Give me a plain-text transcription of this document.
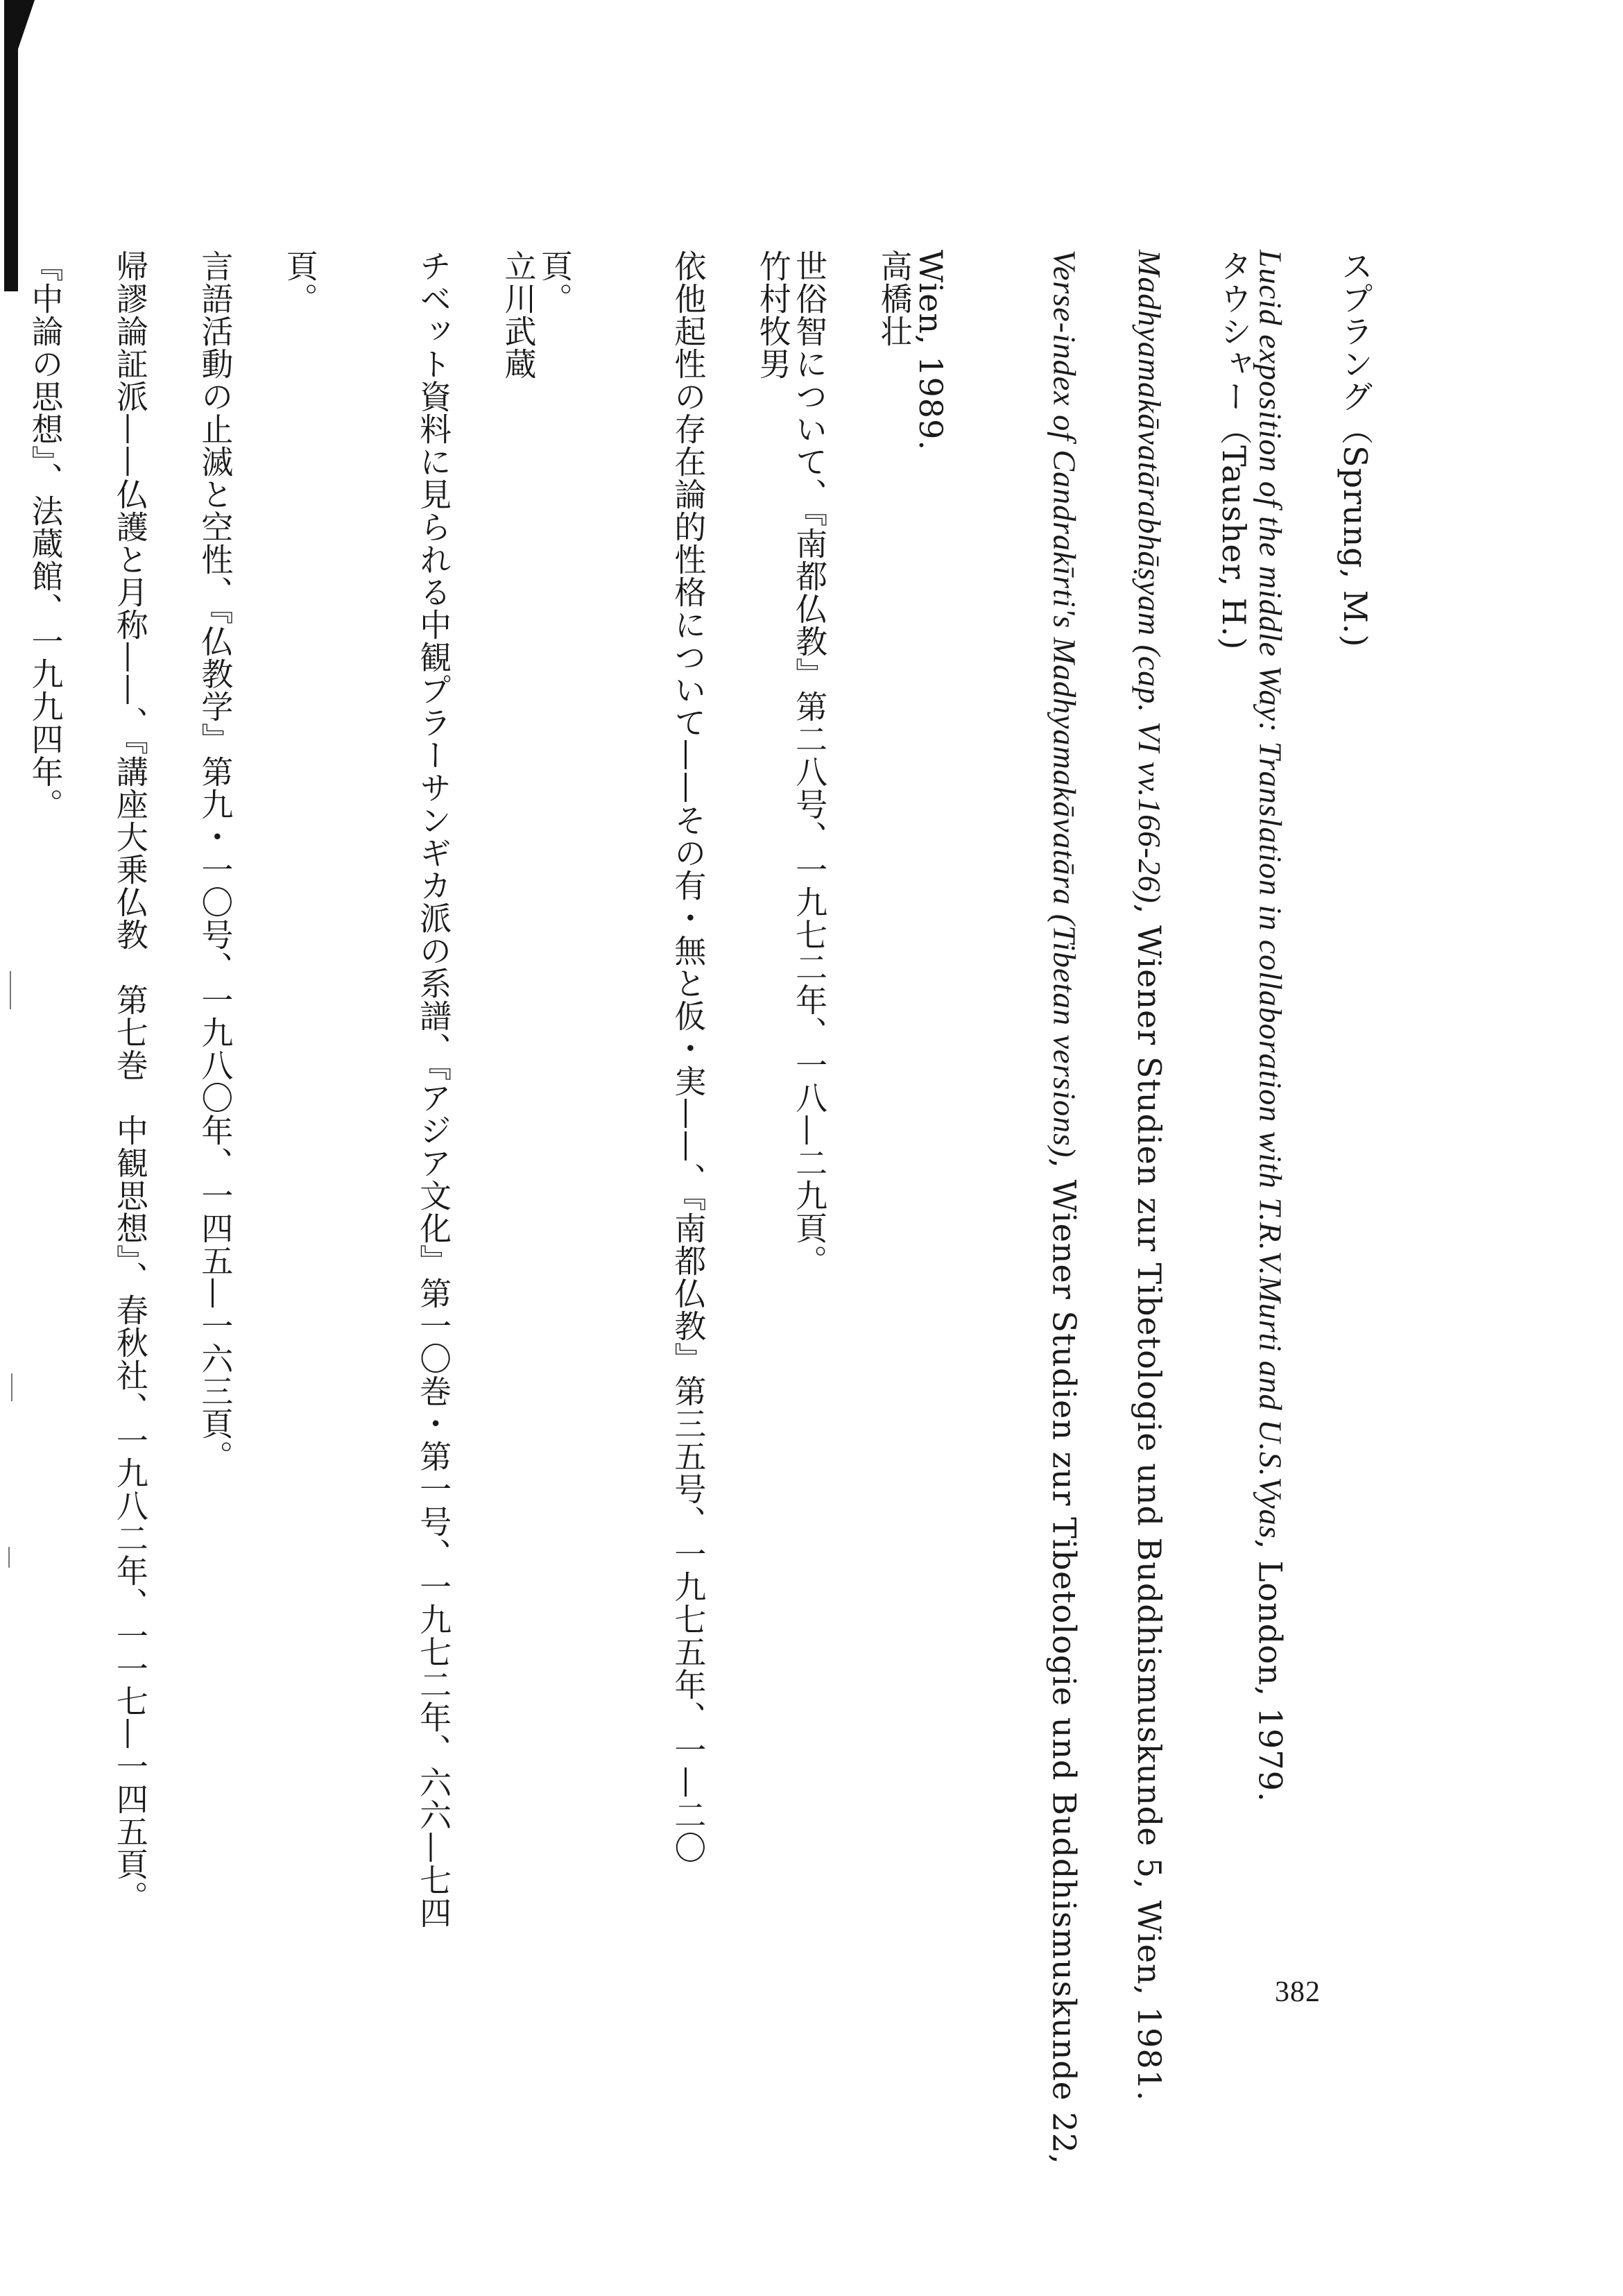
スプラング（Sprung, M.)
Lucid exposition of the middle Way: Translation in collaboration with T.R.V.Murti and U.S.Vyas, London, 1979.
タウシャー（Tausher, H.)
Madhyamakāvatārabhāṣyam (cap. VI vv.166-26), Wiener Studien zur Tibetologie und Buddhismuskunde 5, Wien, 1981.
Verse-index of Candrakīrti's Madhyamakāvatāra (Tibetan versions), Wiener Studien zur Tibetologie und Buddhismuskunde 22,
Wien, 1989.
高橋壮
世俗智について、『南都仏教』第二八号、一九七二年、一八—二九頁。
竹村牧男
依他起性の存在論的性格について——その有・無と仮・実——、『南都仏教』第三五号、一九七五年、一—二〇
頁。
立川武蔵
チベット資料に見られる中観プラーサンギカ派の系譜、『アジア文化』第一〇巻・第一号、一九七二年、六六—七四
頁。
言語活動の止滅と空性、『仏教学』第九・一〇号、一九八〇年、一四五—一六三頁。
帰謬論証派——仏護と月称——、『講座大乗仏教　第七巻　中観思想』、春秋社、一九八二年、一一七—一四五頁。
『中論の思想』、法蔵館、一九九四年。
382
